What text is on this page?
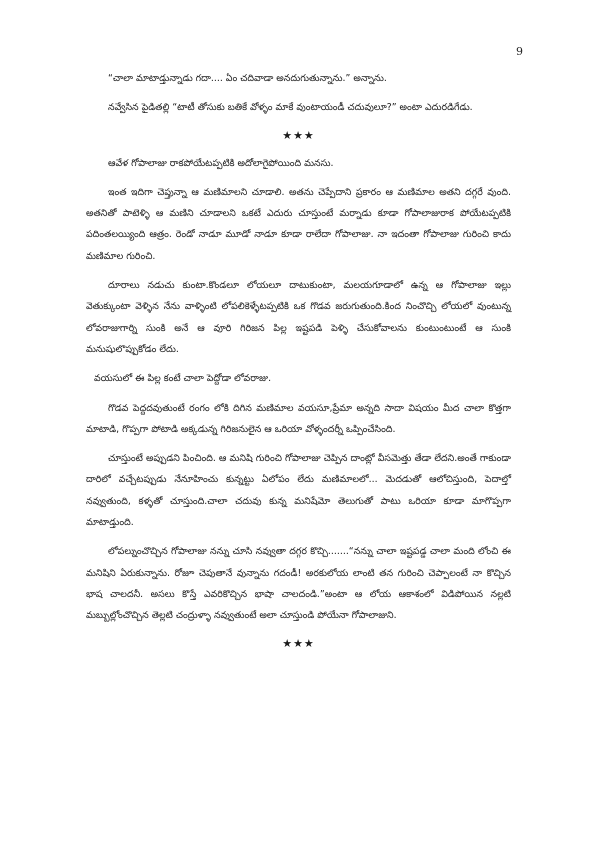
9

“చాలా మాటాడ్తున్నాడు గదా.... ఏం చదివాడా అనదుగుతున్నాను.” అన్నాను.

నవ్వేసిన పైడితల్లి “టాటీ తోసుకు బతికే వోళ్ళం మాకే వుంటాయండీ చదువులూ?” అంటా ఎదురడిగేడు.

★★★

ఆవేళ గోపాలాజు రాకపోయేటప్పటికి అదోలాగైపోయింది మనసు.

ఇంత ఇదిగా చెప్తున్నా ఆ మణిమాలని చూడాలి. అతను చెప్పేదాని ప్రకారం ఆ మణిమాల అతని దగ్గరే వుంది. అతనితో పాటెళ్ళి ఆ మణిని చూడాలని ఒకటే ఎదురు చూస్తుంటే మర్నాడు కూడా గోపాలాజురాక పోయేటప్పటికి పదింతలయ్యింది ఆత్రం. రెండో నాడూ మూడో నాడూ కూడా రాలేదా గోపాలాజు. నా ఇదంతా గోపాలాజు గురించి కాదు మణిమాల గురించి.

దూరాలు నడుచు కుంటా.కొండలూ లోయలూ దాటుకుంటా, మలయగూడాలో ఉన్న ఆ గోపాలాజు ఇల్లు వెతుక్కుంటా వెళ్ళిన నేను వాళ్ళింటి లోపలికెళ్ళేటప్పటికి ఒక గొడవ జరుగుతుంది.కింద నించొచ్చి లోయలో వుంటున్న లోవరాజుగార్ని సుంకి అనే ఆ వూరి గిరిజన పిల్ల ఇష్టపడి పెళ్ళి చేసుకోవాలను కుంటుంటుంటే ఆ సుంకి మనుషులొప్పుకోడం లేదు.

వయసులో ఈ పిల్ల కంటే చాలా పెద్దోడా లోవరాజు.

గొడవ పెద్దదవుతుంటే రంగం లోకి దిగిన మణిమాల వయసూ,ప్రేమా అన్నది సాదా విషయం మీద చాలా కొత్తగా మాటాడి, గొప్పగా పోటాడి అక్కడున్న గిరిజనులైన ఆ ఒరియా వోళ్ళందర్నీ ఒప్పించేసింది.

చూస్తుంటే అప్పుడని పించింది. ఆ మనిషి గురించి గోపాలాజు చెప్పిన దాంట్లో వీసమెత్తు తేడా లేదని.అంతే గాకుండా దారిలో వచ్చేటప్పుడు నేనూహించు కున్నట్టు ఏలోపం లేదు మణిమాలలో... మెదడుతో ఆలోచిస్తుంది, పెదాల్తో నవ్వుతుంది, కళ్ళతో చూస్తుంది.చాలా చదువు కున్న మనిషేమో తెలుగుతో పాటు ఒరియా కూడా మాగొప్పగా మాటాడ్తుంది.

లోపల్నుంచొచ్చిన గోపాలాజు నన్ను చూసి నవ్వుతా దగ్గర కొచ్చి.......“నన్ను చాలా ఇష్టపడ్డ చాలా మంది లోంచి ఈ మనిషిని ఏరుకున్నాను. రోజూ చెపుతానే వున్నాను గదండీ! అరకులోయ లాంటి తన గురించి చెప్పాలంటే నా కొచ్చిన భాష చాలదనీ. అసలు కొస్తే ఎవరికొచ్చిన భాషా చాలదండి.”అంటా ఆ లోయ ఆకాశంలో విడిపోయిన నల్లటి మబ్బుల్లోంచొచ్చిన తెల్లటి చంద్రుళ్ళా నవ్వుతుంటే అలా చూస్తుండి పోయేనా గోపాలాజుని.

★★★
